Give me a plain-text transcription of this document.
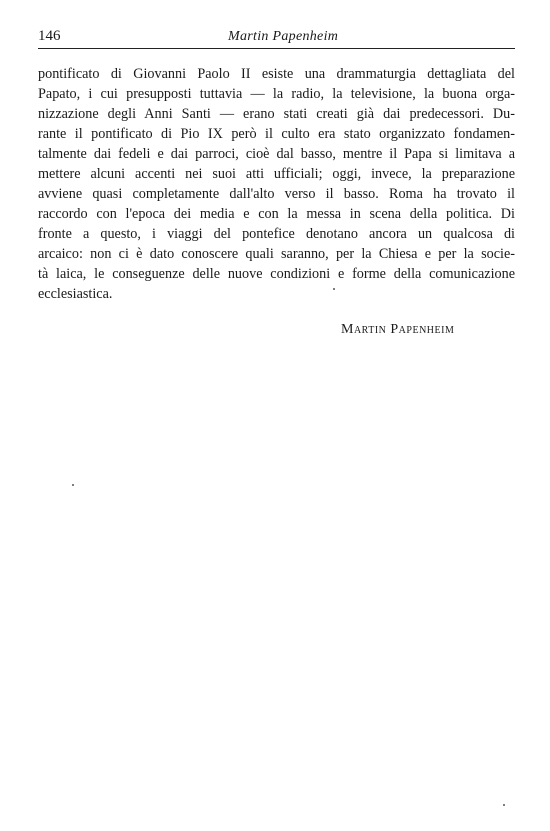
146	Martin Papenheim
pontificato di Giovanni Paolo II esiste una drammaturgia dettagliata del
Papato, i cui presupposti tuttavia — la radio, la televisione, la buona orga-
nizzazione degli Anni Santi — erano stati creati già dai predecessori. Du-
rante il pontificato di Pio IX però il culto era stato organizzato fondamen-
talmente dai fedeli e dai parroci, cioè dal basso, mentre il Papa si limitava a
mettere alcuni accenti nei suoi atti ufficiali; oggi, invece, la preparazione
avviene quasi completamente dall'alto verso il basso. Roma ha trovato il
raccordo con l'epoca dei media e con la messa in scena della politica. Di
fronte a questo, i viaggi del pontefice denotano ancora un qualcosa di
arcaico: non ci è dato conoscere quali saranno, per la Chiesa e per la socie-
tà laica, le conseguenze delle nuove condizioni e forme della comunicazione
ecclesiastica.
Martin Papenheim
